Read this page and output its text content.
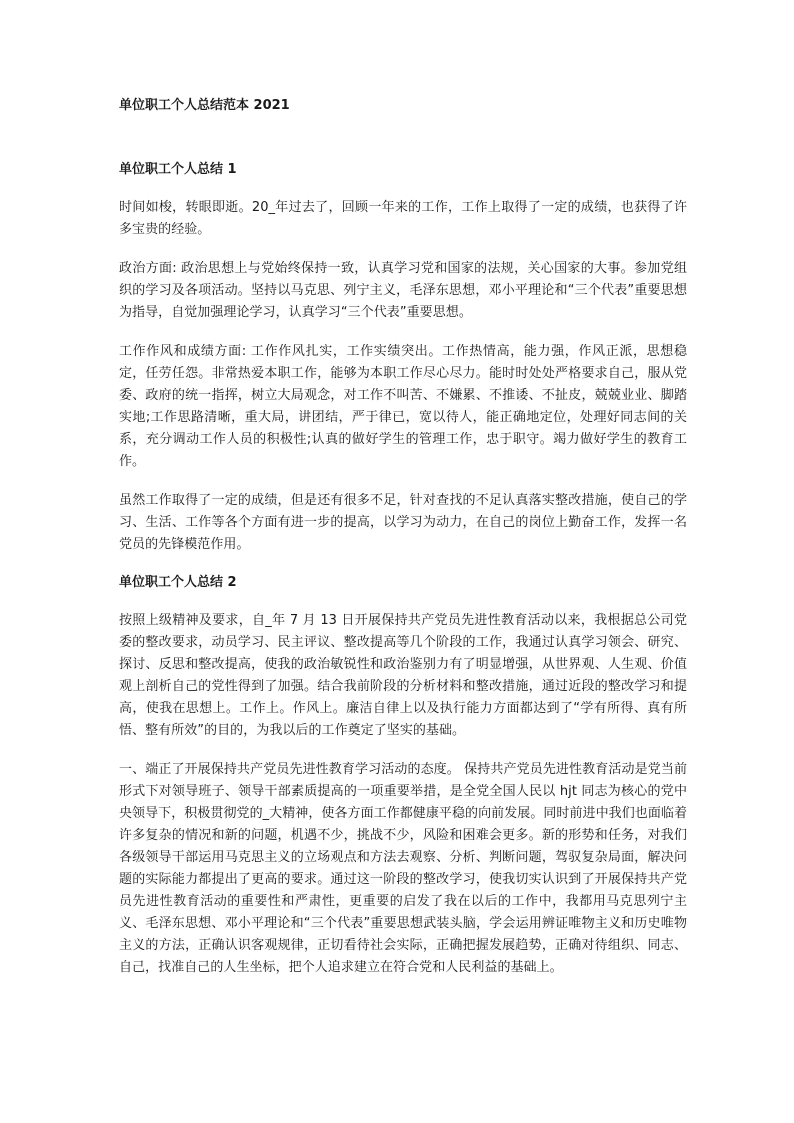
单位职工个人总结范本 2021
单位职工个人总结 1

时间如梭，转眼即逝。20_年过去了，回顾一年来的工作，工作上取得了一定的成绩，也获得了许多宝贵的经验。

政治方面: 政治思想上与党始终保持一致，认真学习党和国家的法规，关心国家的大事。参加党组织的学习及各项活动。坚持以马克思、列宁主义，毛泽东思想，邓小平理论和“三个代表”重要思想为指导，自觉加强理论学习，认真学习“三个代表”重要思想。

工作作风和成绩方面: 工作作风扎实，工作实绩突出。工作热情高，能力强，作风正派，思想稳定，任劳任怨。非常热爱本职工作，能够为本职工作尽心尽力。能时时处处严格要求自己，服从党委、政府的统一指挥，树立大局观念，对工作不叫苦、不嫌累、不推诿、不扯皮，兢兢业业、脚踏实地;工作思路清晰，重大局，讲团结，严于律已，宽以待人，能正确地定位，处理好同志间的关系，充分调动工作人员的积极性;认真的做好学生的管理工作，忠于职守。竭力做好学生的教育工作。

虽然工作取得了一定的成绩，但是还有很多不足，针对查找的不足认真落实整改措施，使自己的学习、生活、工作等各个方面有进一步的提高，以学习为动力，在自己的岗位上勤奋工作，发挥一名党员的先锋模范作用。

单位职工个人总结 2

按照上级精神及要求，自_年 7 月 13 日开展保持共产党员先进性教育活动以来，我根据总公司党委的整改要求，动员学习、民主评议、整改提高等几个阶段的工作，我通过认真学习领会、研究、探讨、反思和整改提高，使我的政治敏锐性和政治鉴别力有了明显增强，从世界观、人生观、价值观上剖析自己的党性得到了加强。结合我前阶段的分析材料和整改措施，通过近段的整改学习和提高，使我在思想上。工作上。作风上。廉洁自律上以及执行能力方面都达到了“学有所得、真有所悟、整有所效”的目的，为我以后的工作奠定了坚实的基础。

一、端正了开展保持共产党员先进性教育学习活动的态度。 保持共产党员先进性教育活动是党当前形式下对领导班子、领导干部素质提高的一项重要举措，是全党全国人民以 hjt 同志为核心的党中央领导下，积极贯彻党的_大精神，使各方面工作都健康平稳的向前发展。同时前进中我们也面临着许多复杂的情况和新的问题，机遇不少，挑战不少，风险和困难会更多。新的形势和任务，对我们各级领导干部运用马克思主义的立场观点和方法去观察、分析、判断问题，驾驭复杂局面，解决问题的实际能力都提出了更高的要求。通过这一阶段的整改学习，使我切实认识到了开展保持共产党员先进性教育活动的重要性和严肃性，更重要的启发了我在以后的工作中，我都用马克思列宁主义、毛泽东思想、邓小平理论和“三个代表”重要思想武装头脑，学会运用辨证唯物主义和历史唯物主义的方法，正确认识客观规律，正切看待社会实际，正确把握发展趋势，正确对待组织、同志、自己，找准自己的人生坐标，把个人追求建立在符合党和人民利益的基础上。
